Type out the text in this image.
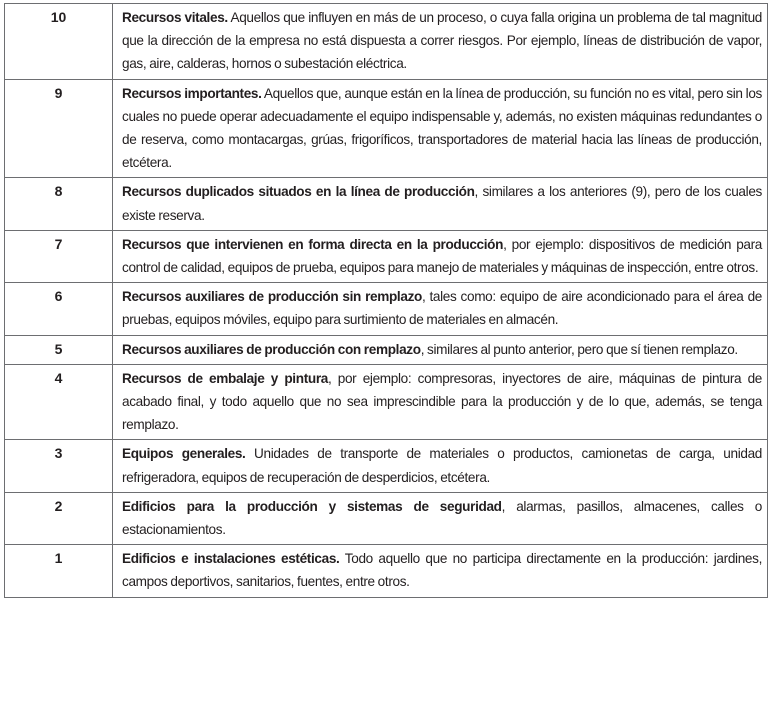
10	Recursos vitales. Aquellos que influyen en más de un proceso, o cuya falla origina un problema de tal magnitud que la dirección de la empresa no está dispuesta a correr riesgos. Por ejemplo, líneas de distribución de vapor, gas, aire, calderas, hornos o subestación eléctrica.
9	Recursos importantes. Aquellos que, aunque están en la línea de producción, su función no es vital, pero sin los cuales no puede operar adecuadamente el equipo indispensable y, además, no existen máquinas redundantes o de reserva, como montacargas, grúas, frigoríficos, transportadores de material hacia las líneas de producción, etcétera.
8	Recursos duplicados situados en la línea de producción, similares a los anteriores (9), pero de los cuales existe reserva.
7	Recursos que intervienen en forma directa en la producción, por ejemplo: dispositivos de medición para control de calidad, equipos de prueba, equipos para manejo de materiales y máquinas de inspección, entre otros.
6	Recursos auxiliares de producción sin remplazo, tales como: equipo de aire acondicionado para el área de pruebas, equipos móviles, equipo para surtimiento de materiales en almacén.
5	Recursos auxiliares de producción con remplazo, similares al punto anterior, pero que sí tienen remplazo.
4	Recursos de embalaje y pintura, por ejemplo: compresoras, inyectores de aire, máquinas de pintura de acabado final, y todo aquello que no sea imprescindible para la producción y de lo que, además, se tenga remplazo.
3	Equipos generales. Unidades de transporte de materiales o productos, camionetas de carga, unidad refrigeradora, equipos de recuperación de desperdicios, etcétera.
2	Edificios para la producción y sistemas de seguridad, alarmas, pasillos, almacenes, calles o estacionamientos.
1	Edificios e instalaciones estéticas. Todo aquello que no participa directamente en la producción: jardines, campos deportivos, sanitarios, fuentes, entre otros.
